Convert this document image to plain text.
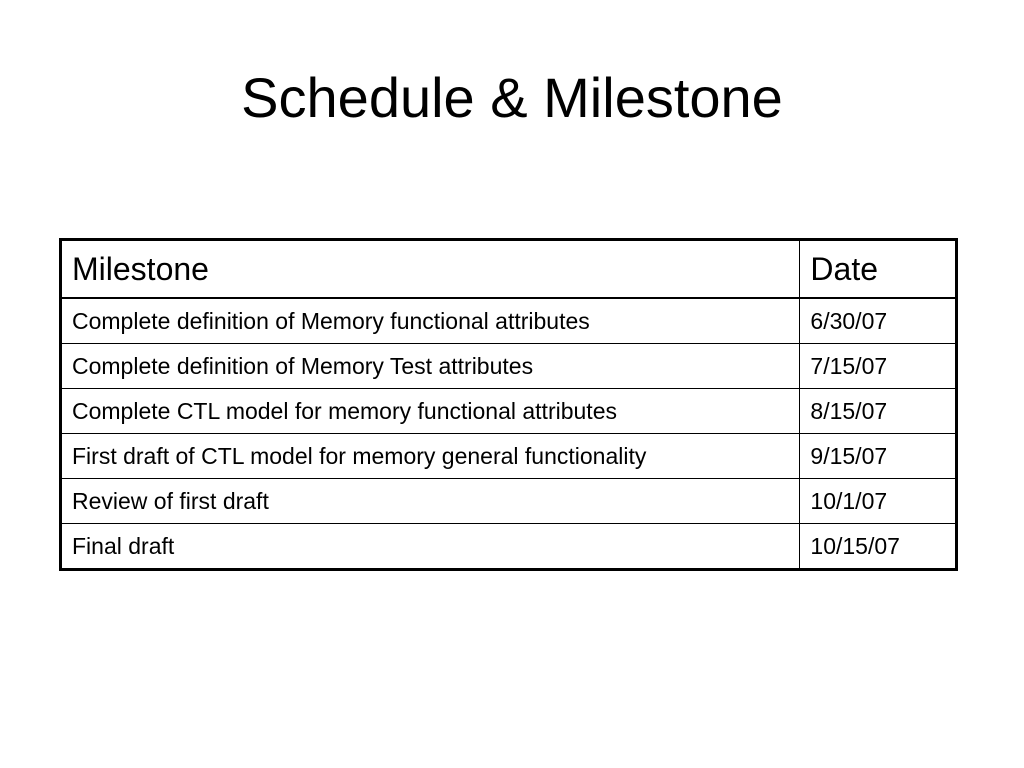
Schedule & Milestone
Milestone	Date
Complete definition of Memory functional attributes	6/30/07
Complete definition of Memory Test attributes	7/15/07
Complete CTL model for memory functional attributes	8/15/07
First draft of CTL model for memory general functionality	9/15/07
Review of first draft	10/1/07
Final draft	10/15/07
